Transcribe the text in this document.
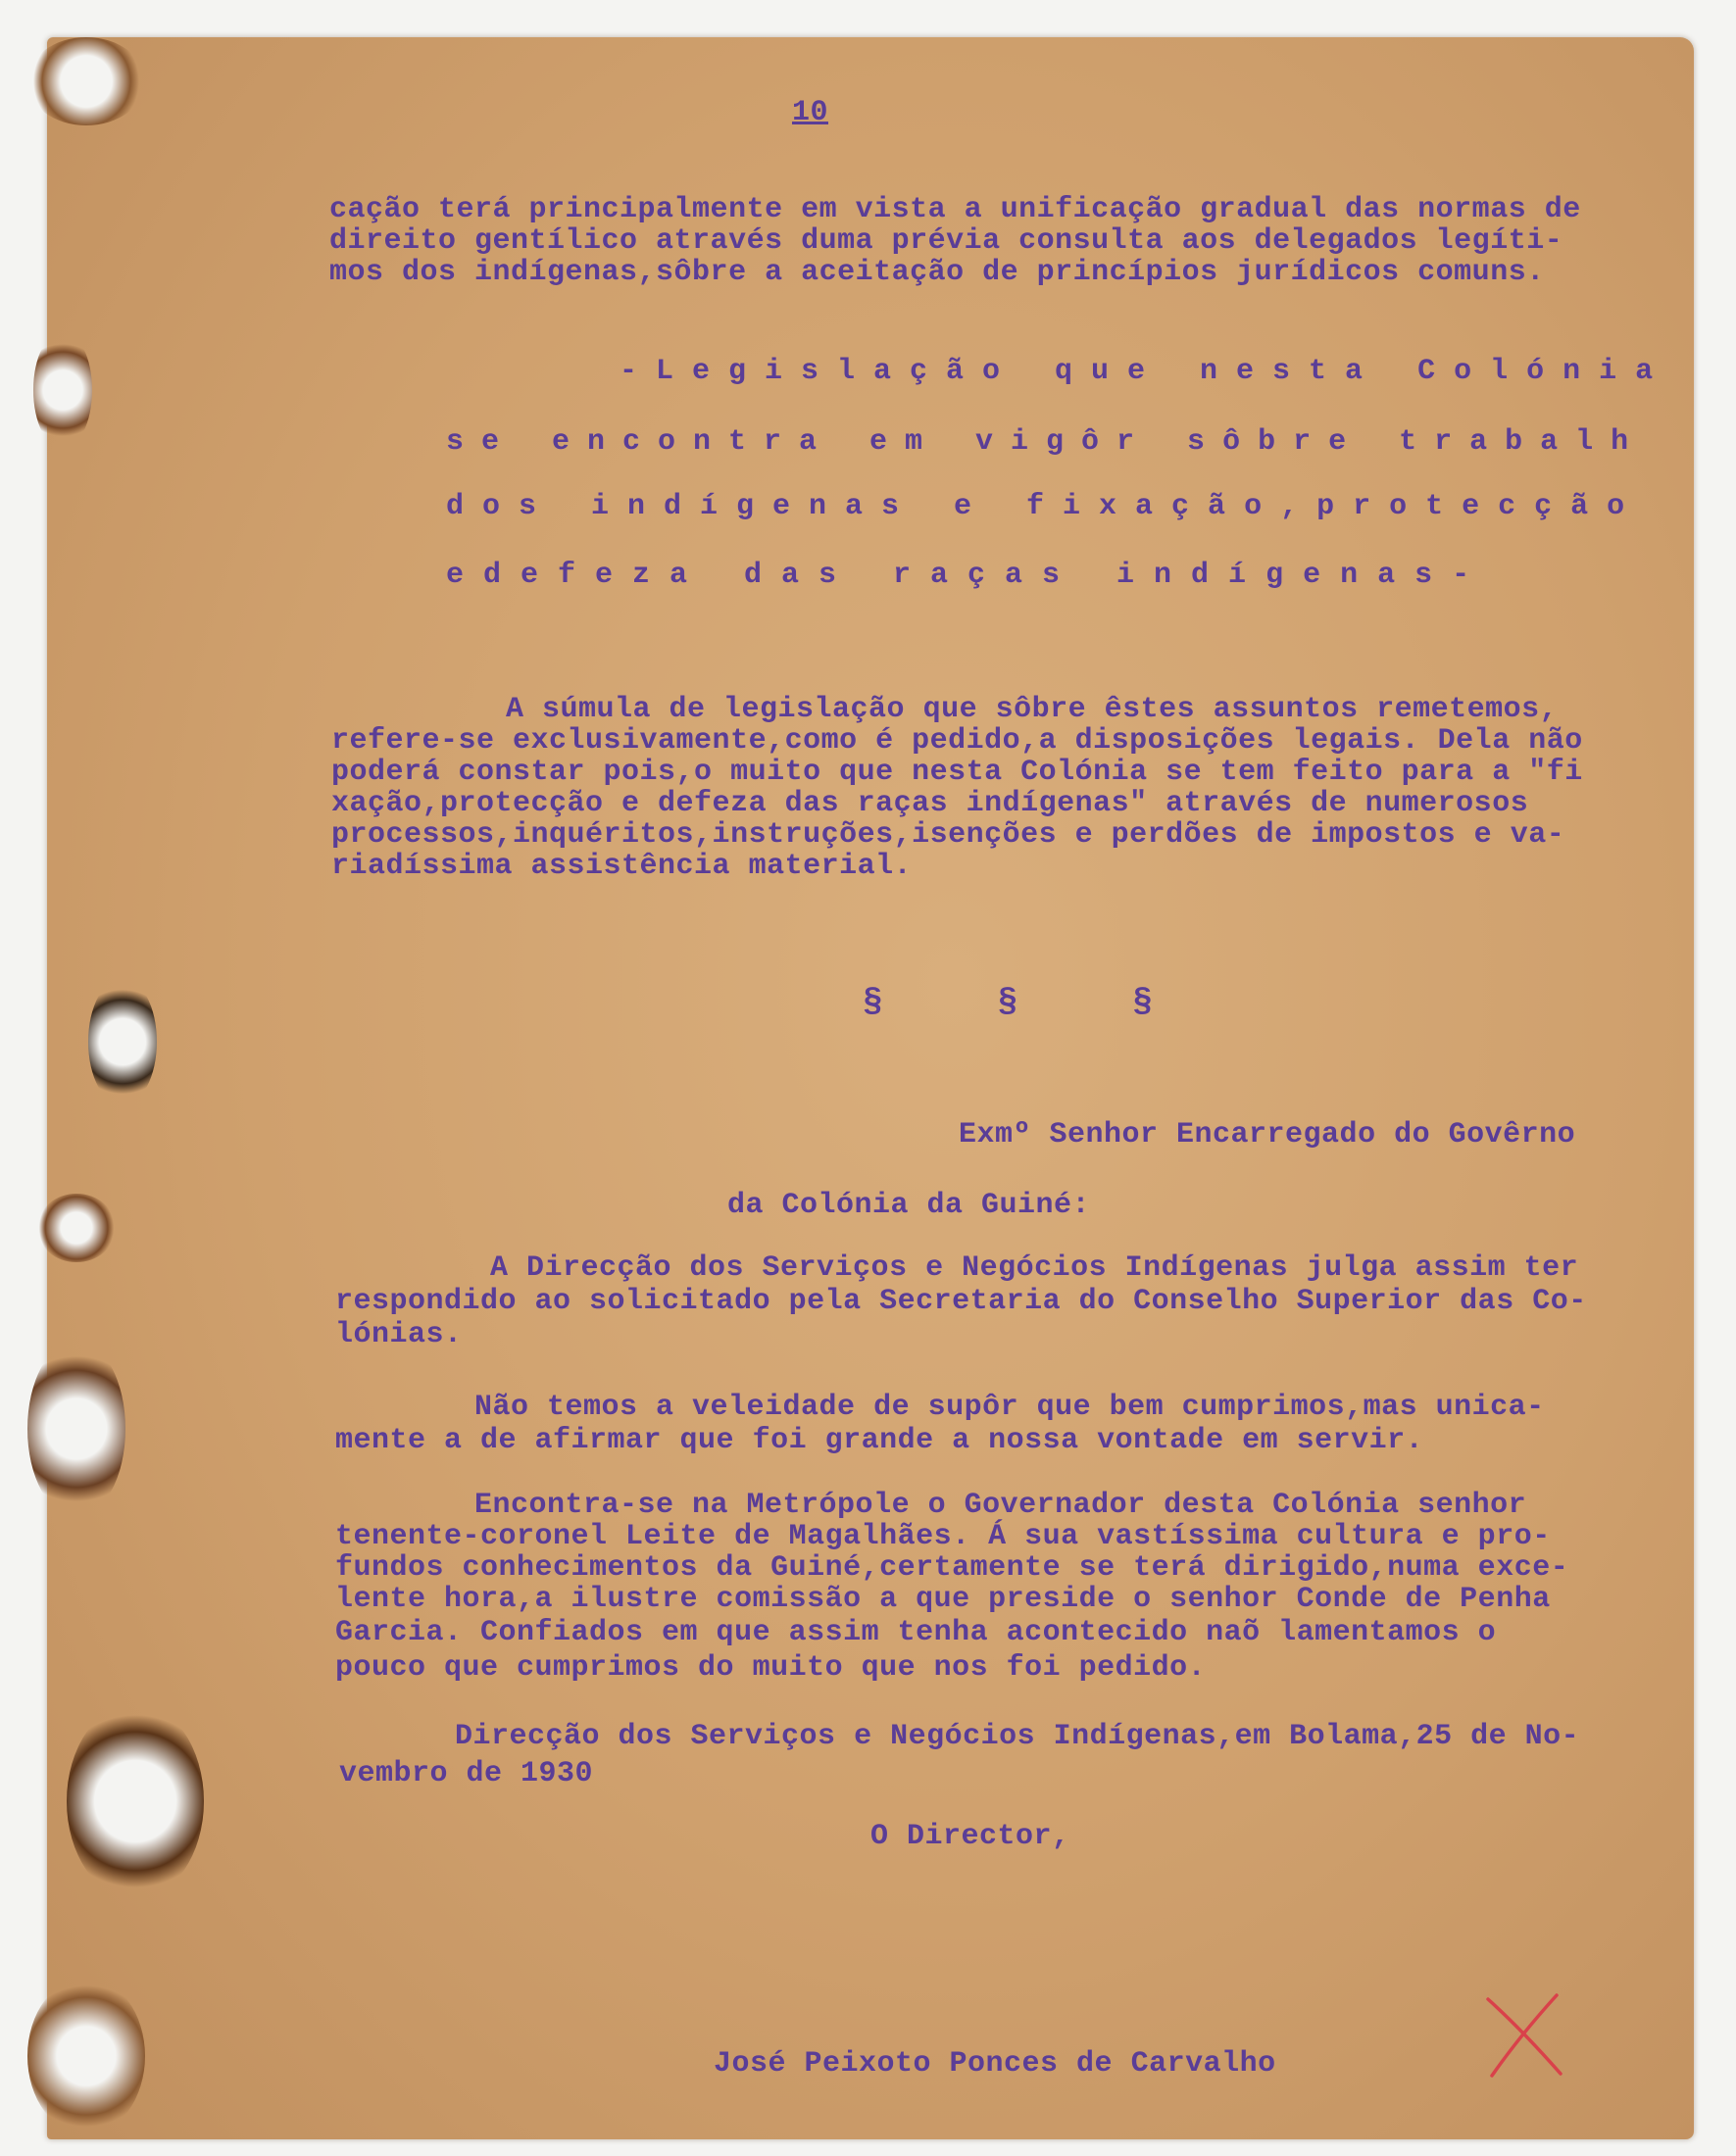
10
cação terá principalmente em vista a unificação gradual das normas de
direito gentílico através duma prévia consulta aos delegados legíti-
mos dos indígenas,sôbre a aceitação de princípios jurídicos comuns.
-Legislação que nesta Colónia
se encontra em vigôr sôbre trabalh
dos indígenas e fixação,protecção
edefeza das raças indígenas-
A súmula de legislação que sôbre êstes assuntos remetemos,
refere-se exclusivamente,como é pedido,a disposições legais. Dela não
poderá constar pois,o muito que nesta Colónia se tem feito para a "fi
xação,protecção e defeza das raças indígenas" através de numerosos
processos,inquéritos,instruções,isenções e perdões de impostos e va-
riadíssima assistência material.
§   §   §
Exmº Senhor Encarregado do Govêrno
da Colónia da Guiné:
A Direcção dos Serviços e Negócios Indígenas julga assim ter
respondido ao solicitado pela Secretaria do Conselho Superior das Co-
lónias.
Não temos a veleidade de supôr que bem cumprimos,mas unica-
mente a de afirmar que foi grande a nossa vontade em servir.
Encontra-se na Metrópole o Governador desta Colónia senhor
tenente-coronel Leite de Magalhães. Á sua vastíssima cultura e pro-
fundos conhecimentos da Guiné,certamente se terá dirigido,numa exce-
lente hora,a ilustre comissão a que preside o senhor Conde de Penha
Garcia. Confiados em que assim tenha acontecido naõ lamentamos o
pouco que cumprimos do muito que nos foi pedido.
Direcção dos Serviços e Negócios Indígenas,em Bolama,25 de No-
vembro de 1930
O Director,
José Peixoto Ponces de Carvalho
